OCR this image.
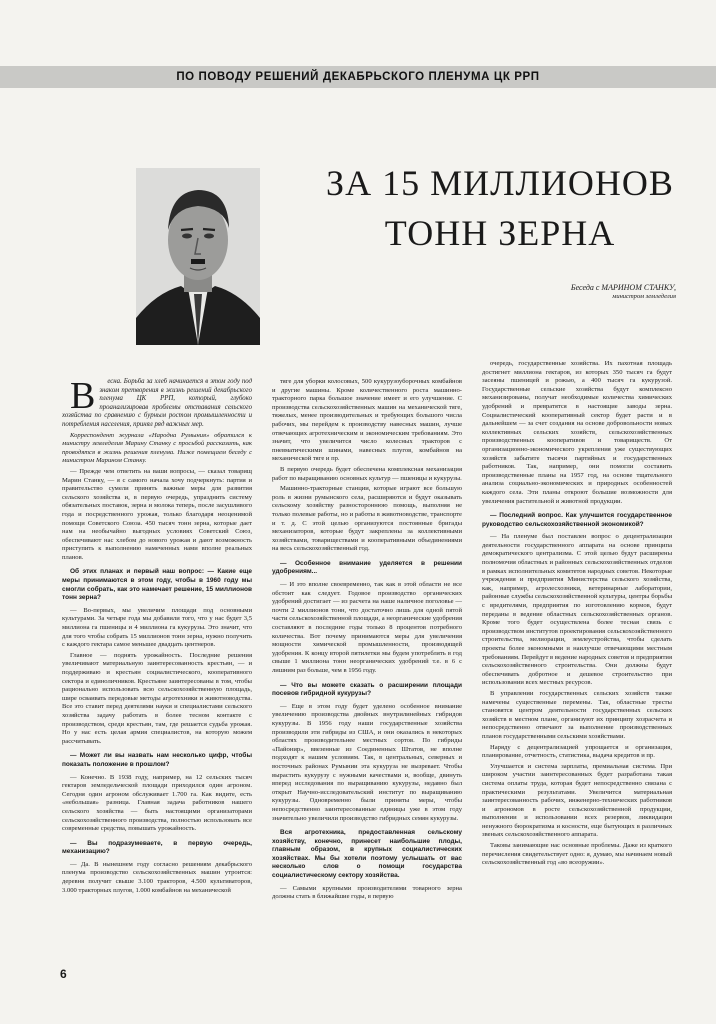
ПО ПОВОДУ РЕШЕНИЙ ДЕКАБРЬСКОГО ПЛЕНУМА ЦК РРП
ЗА 15 МИЛЛИОНОВ
ТОНН ЗЕРНА
Беседа с МАРИНОМ СТАНКУ,
министром земледелия

В есна. Борьба за хлеб начинается в этом году под знаком претворения в жизнь решений декабрьского пленума ЦК РРП, который, глубоко проанализировав проблемы отставания сельского хозяйства по сравнению с бурным ростом промышленности и потребления населения, принял ряд важных мер.

Корреспондент журнала «Народна Румыния» обратился к министру земледелия Марину Станку с просьбой рассказать, как проводятся в жизнь решения пленума. Ниже помещаем беседу с министром Марином Станку.

— Прежде чем ответить на ваши вопросы, — сказал товарищ Марин Станку, — я с самого начала хочу подчеркнуть: партия и правительство сумели принять важные меры для развития сельского хозяйства и, в первую очередь, упразднить систему обязательных поставок, зерна и молока теперь, после засушливого года и посредственного урожая, только благодаря неоценимой помощи Советского Союза. 450 тысяч тонн зерна, которые дает нам на необычайно выгодных условиях Советский Союз, обеспечивают нас хлебом до нового урожая и дают возможность приступить к выполнению намеченных нами вполне реальных планов.

Об этих планах и первый наш вопрос: — Какие еще меры принимаются в этом году, чтобы в 1960 году мы смогли собрать, как это намечает решение, 15 миллионов тонн зерна?

— Во-первых, мы увеличим площади под основными культурами. За четыре года мы добавили того, что у нас будет 3,5 миллиона га пшеницы и 4 миллиона га кукурузы. Это значит, что для того чтобы собрать 15 миллионов тонн зерна, нужно получить с каждого гектара самое меньшее двадцать центнеров.

Главное — поднять урожайность. Последние решения увеличивают материальную заинтересованность крестьян, — и поддерживаю и крестьян социалистического, кооперативного сектора и единоличников. Крестьяне заинтересованы в том, чтобы рационально использовать всю сельскохозяйственную площадь, шире осваивать передовые методы агротехники и животноводства. Все это ставит перед деятелями науки и специалистами сельского хозяйства задачу работать в более тесном контакте с производством, среди крестьян, там, где решается судьба урожая. Но у нас есть целая армия специалистов, на которую можем рассчитывать.

— Может ли вы назвать нам несколько цифр, чтобы показать положение в прошлом?

— Конечно. В 1938 году, например, на 12 сельских тысяч гектаров земледельческой площади приходился один агроном. Сегодня один агроном обслуживает 1.700 га. Как видите, есть «небольшая» разница. Главная задача работников нашего сельского хозяйства — быть настоящими организаторами сельскохозяйственного производства, полностью использовать все современные средства, повышать урожайность.

— Вы подразумеваете, в первую очередь, механизацию?

— Да. В нынешнем году согласно решениям декабрьского пленума производство сельскохозяйственных машин утроится: деревня получит свыше 3.100 тракторов, 4.500 культиваторов, 3.000 тракторных плугов, 1.000 комбайнов на механической

тяге для уборки колосовых, 500 кукурузоуборочных комбайнов и другие машины. Кроме количественного роста машинно-тракторного парка большое значение имеет и его улучшение. С производства сельскохозяйственных машин на механической тяге, тяжелых, менее производительных и требующих большого числа рабочих, мы перейдем к производству навесных машин, лучше отвечающих агротехническим и экономическим требованиям. Это значит, что увеличится число колесных тракторов с пневматическими шинами, навесных плугов, комбайнов на механической тяге и пр.

В первую очередь будет обеспечена комплексная механизация работ по выращиванию основных культур — пшеницы и кукурузы.

Машинно-тракторные станции, которые играют все большую роль в жизни румынского села, расширяются и будут оказывать сельскому хозяйству разностороннюю помощь, выполняя не только полевые работы, но и работы в животноводстве, транспорте и т. д. С этой целью организуются постоянные бригады механизаторов, которые будут закреплены за коллективными хозяйствами, товариществами и кооперативными объединениями на весь сельскохозяйственный год.

— Особенное внимание уделяется в решении удобрениям...

— И это вполне своевременно, так как в этой области не все обстоит как следует. Годовое производство органических удобрений достигает — из расчета на наше наличное поголовье — почти 2 миллионов тонн, что достаточно лишь для одной пятой части сельскохозяйственной площади, а неорганические удобрения составляют в последние годы только 8 процентов потребного количества. Вот почему принимаются меры для увеличения мощности химической промышленности, производящей удобрения. К концу второй пятилетки мы будем употреблять в год свыше 1 миллиона тонн неорганических удобрений т.е. в 6 с лишним раз больше, чем в 1956 году.

— Что вы можете сказать о расширении площади посевов гибридной кукурузы?

— Еще в этом году будет уделено особенное внимание увеличению производства двойных внутрилинейных гибридов кукурузы. В 1956 году наши государственные хозяйства производили эти гибриды из США, и они оказались в некоторых областях производительнее местных сортов. По гибриды «Пайонир», ввезенные из Соединенных Штатов, не вполне подходят к нашим условиям. Так, в центральных, северных и восточных районах Румынии эта кукуруза не вызревает. Чтобы вырастить кукурузу с нужными качествами и, вообще, двинуть вперед исследования по выращиванию кукурузы, недавно был открыт Научно-исследовательский институт по выращиванию кукурузы. Одновременно были приняты меры, чтобы непосредственно заинтересованные единицы уже в этом году значительно увеличили производство гибридных семян кукурузы.

Вся агротехника, предоставленная сельскому хозяйству, конечно, принесет наибольшие плоды, главным образом, в крупных социалистических хозяйствах. Мы бы хотели поэтому услышать от вас несколько слов о помощи государства социалистическому сектору хозяйства.

— Самыми крупными производителями товарного зерна должны стать в ближайшие годы, в первую

очередь, государственные хозяйства. Их пахотная площадь достигнет миллиона гектаров, из которых 350 тысяч га будут засеяны пшеницей и рожью, а 400 тысяч га кукурузой. Государственные сельские хозяйства будут комплексно механизированы, получат необходимые количества химических удобрений и превратятся в настоящие заводы зерна. Социалистический кооперативный сектор будет расти и в дальнейшем — за счет создания на основе добровольности новых коллективных сельских хозяйств, сельскохозяйственных производственных кооперативов и товариществ. От организационно-экономического укрепления уже существующих хозяйств забытите тысячи партийных и государственных работников. Так, например, они помогли составить производственные планы на 1957 год, на основе тщательного анализа социально-экономических и природных особенностей каждого села. Эти планы откроют большие возможности для увеличения растительной и животной продукции.

— Последний вопрос. Как улучшится государственное руководство сельскохозяйственной экономикой?

— На пленуме был поставлен вопрос о децентрализации деятельности государственного аппарата на основе принципа демократического централизма. С этой целью будут расширены полномочия областных и районных сельскохозяйственных отделов в рамках исполнительных комитетов народных советов. Некоторые учреждения и предприятия Министерства сельского хозяйства, как, например, агролесхозники, ветеринарные лаборатории, районные службы сельскохозяйственной культуры, центры борьбы с вредителями, предприятия по изготовлению кормов, будут переданы в ведение областных сельскохозяйственных органов. Кроме того будет осуществлена более тесная связь с производством институтов проектирования сельскохозяйственного строительства, мелиорации, землеустройства, чтобы сделать проекты более экономными и наилучше отвечающими местным требованиям. Перейдут в ведение народных советов и предприятия сельскохозяйственного строительства. Они должны будут обеспечивать добротное и дешевое строительство при использовании всех местных ресурсов.

В управлении государственных сельских хозяйств также намечены существенные перемены. Так, областные тресты становятся центром деятельности государственных сельских хозяйств в местном плане, организуют их принципу хозрасчета и непосредственно отвечают за выполнение производственных планов государственными сельскими хозяйствами.

Наряду с децентрализацией упрощается и организация, планирование, отчетность, статистика, выдача кредитов и пр.

Улучшается и система зарплаты, премиальная система. При широком участии заинтересованных будет разработана такая система оплаты труда, которая будет непосредственно связана с практическими результатами. Увеличится материальная заинтересованность рабочих, инженерно-технических работников и агрономов в росте сельскохозяйственной продукции, выполнении и использовании всех резервов, ликвидации ненужного бюрократизма и косности, еще бытующих в различных звеньях сельскохозяйственного аппарата.

Таковы занимающие нас основные проблемы. Даже из краткого перечисления свидетельствует одно: я, думаю, мы начинаем новый сельскохозяйственный год «во всеоружии».

6
